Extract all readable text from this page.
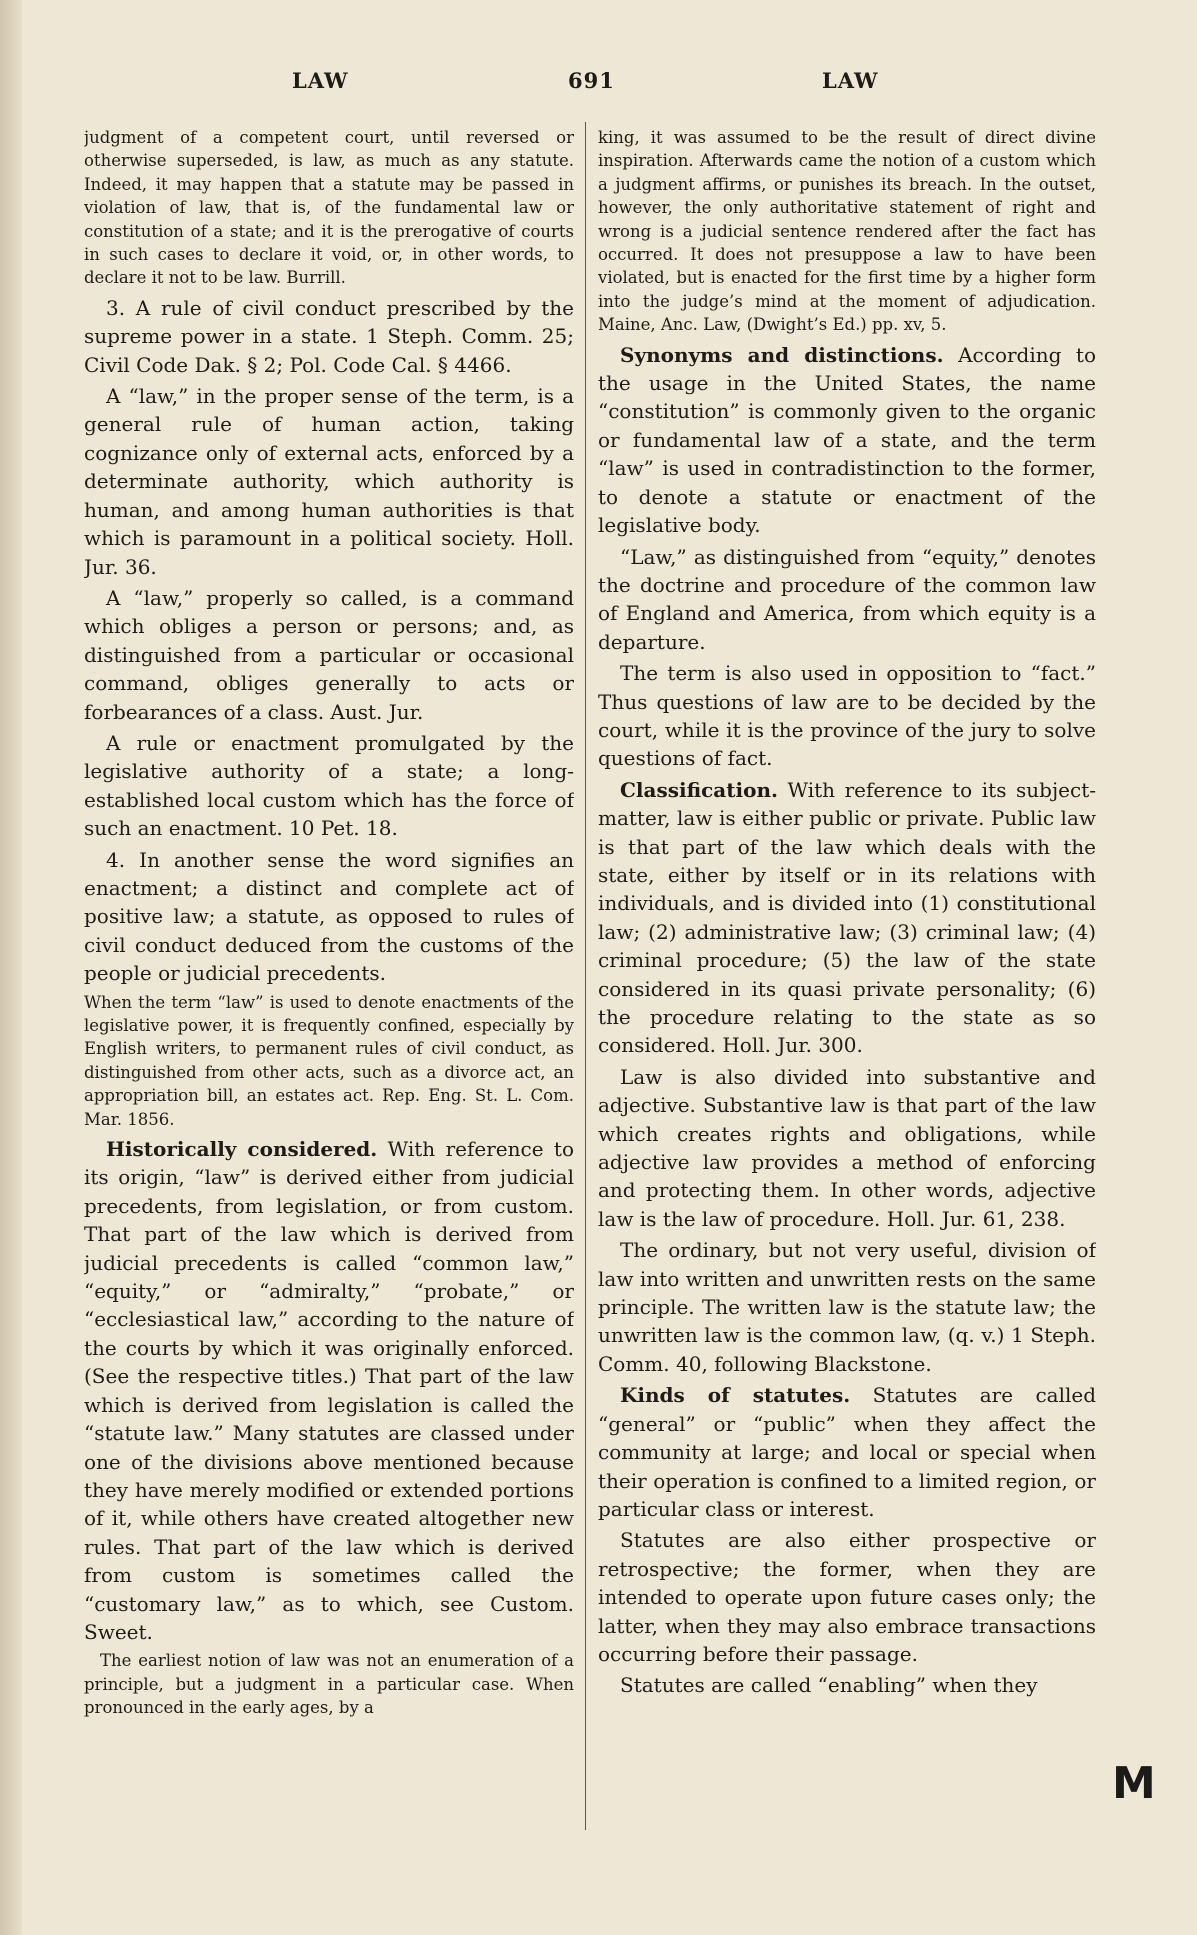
LAW	691	LAW

judgment of a competent court, until reversed or otherwise superseded, is law, as much as any statute. Indeed, it may happen that a statute may be passed in violation of law, that is, of the fundamental law or constitution of a state; and it is the prerogative of courts in such cases to declare it void, or, in other words, to declare it not to be law. Burrill.

3. A rule of civil conduct prescribed by the supreme power in a state. 1 Steph. Comm. 25; Civil Code Dak. § 2; Pol. Code Cal. § 4466.

A “law,” in the proper sense of the term, is a general rule of human action, taking cognizance only of external acts, enforced by a determinate authority, which authority is human, and among human authorities is that which is paramount in a political society. Holl. Jur. 36.

A “law,” properly so called, is a command which obliges a person or persons; and, as distinguished from a particular or occasional command, obliges generally to acts or forbearances of a class. Aust. Jur.

A rule or enactment promulgated by the legislative authority of a state; a long-established local custom which has the force of such an enactment. 10 Pet. 18.

4. In another sense the word signifies an enactment; a distinct and complete act of positive law; a statute, as opposed to rules of civil conduct deduced from the customs of the people or judicial precedents.

When the term “law” is used to denote enactments of the legislative power, it is frequently confined, especially by English writers, to permanent rules of civil conduct, as distinguished from other acts, such as a divorce act, an appropriation bill, an estates act. Rep. Eng. St. L. Com. Mar. 1856.

Historically considered. With reference to its origin, “law” is derived either from judicial precedents, from legislation, or from custom. That part of the law which is derived from judicial precedents is called “common law,” “equity,” or “admiralty,” “probate,” or “ecclesiastical law,” according to the nature of the courts by which it was originally enforced. (See the respective titles.) That part of the law which is derived from legislation is called the “statute law.” Many statutes are classed under one of the divisions above mentioned because they have merely modified or extended portions of it, while others have created altogether new rules. That part of the law which is derived from custom is sometimes called the “customary law,” as to which, see Custom. Sweet.

The earliest notion of law was not an enumeration of a principle, but a judgment in a particular case. When pronounced in the early ages, by a

king, it was assumed to be the result of direct divine inspiration. Afterwards came the notion of a custom which a judgment affirms, or punishes its breach. In the outset, however, the only authoritative statement of right and wrong is a judicial sentence rendered after the fact has occurred. It does not presuppose a law to have been violated, but is enacted for the first time by a higher form into the judge’s mind at the moment of adjudication. Maine, Anc. Law, (Dwight’s Ed.) pp. xv, 5.

Synonyms and distinctions. According to the usage in the United States, the name “constitution” is commonly given to the organic or fundamental law of a state, and the term “law” is used in contradistinction to the former, to denote a statute or enactment of the legislative body.

“Law,” as distinguished from “equity,” denotes the doctrine and procedure of the common law of England and America, from which equity is a departure.

The term is also used in opposition to “fact.” Thus questions of law are to be decided by the court, while it is the province of the jury to solve questions of fact.

Classification. With reference to its subject-matter, law is either public or private. Public law is that part of the law which deals with the state, either by itself or in its relations with individuals, and is divided into (1) constitutional law; (2) administrative law; (3) criminal law; (4) criminal procedure; (5) the law of the state considered in its quasi private personality; (6) the procedure relating to the state as so considered. Holl. Jur. 300.

Law is also divided into substantive and adjective. Substantive law is that part of the law which creates rights and obligations, while adjective law provides a method of enforcing and protecting them. In other words, adjective law is the law of procedure. Holl. Jur. 61, 238.

The ordinary, but not very useful, division of law into written and unwritten rests on the same principle. The written law is the statute law; the unwritten law is the common law, (q. v.) 1 Steph. Comm. 40, following Blackstone.

Kinds of statutes. Statutes are called “general” or “public” when they affect the community at large; and local or special when their operation is confined to a limited region, or particular class or interest.

Statutes are also either prospective or retrospective; the former, when they are intended to operate upon future cases only; the latter, when they may also embrace transactions occurring before their passage.

Statutes are called “enabling” when they

M
